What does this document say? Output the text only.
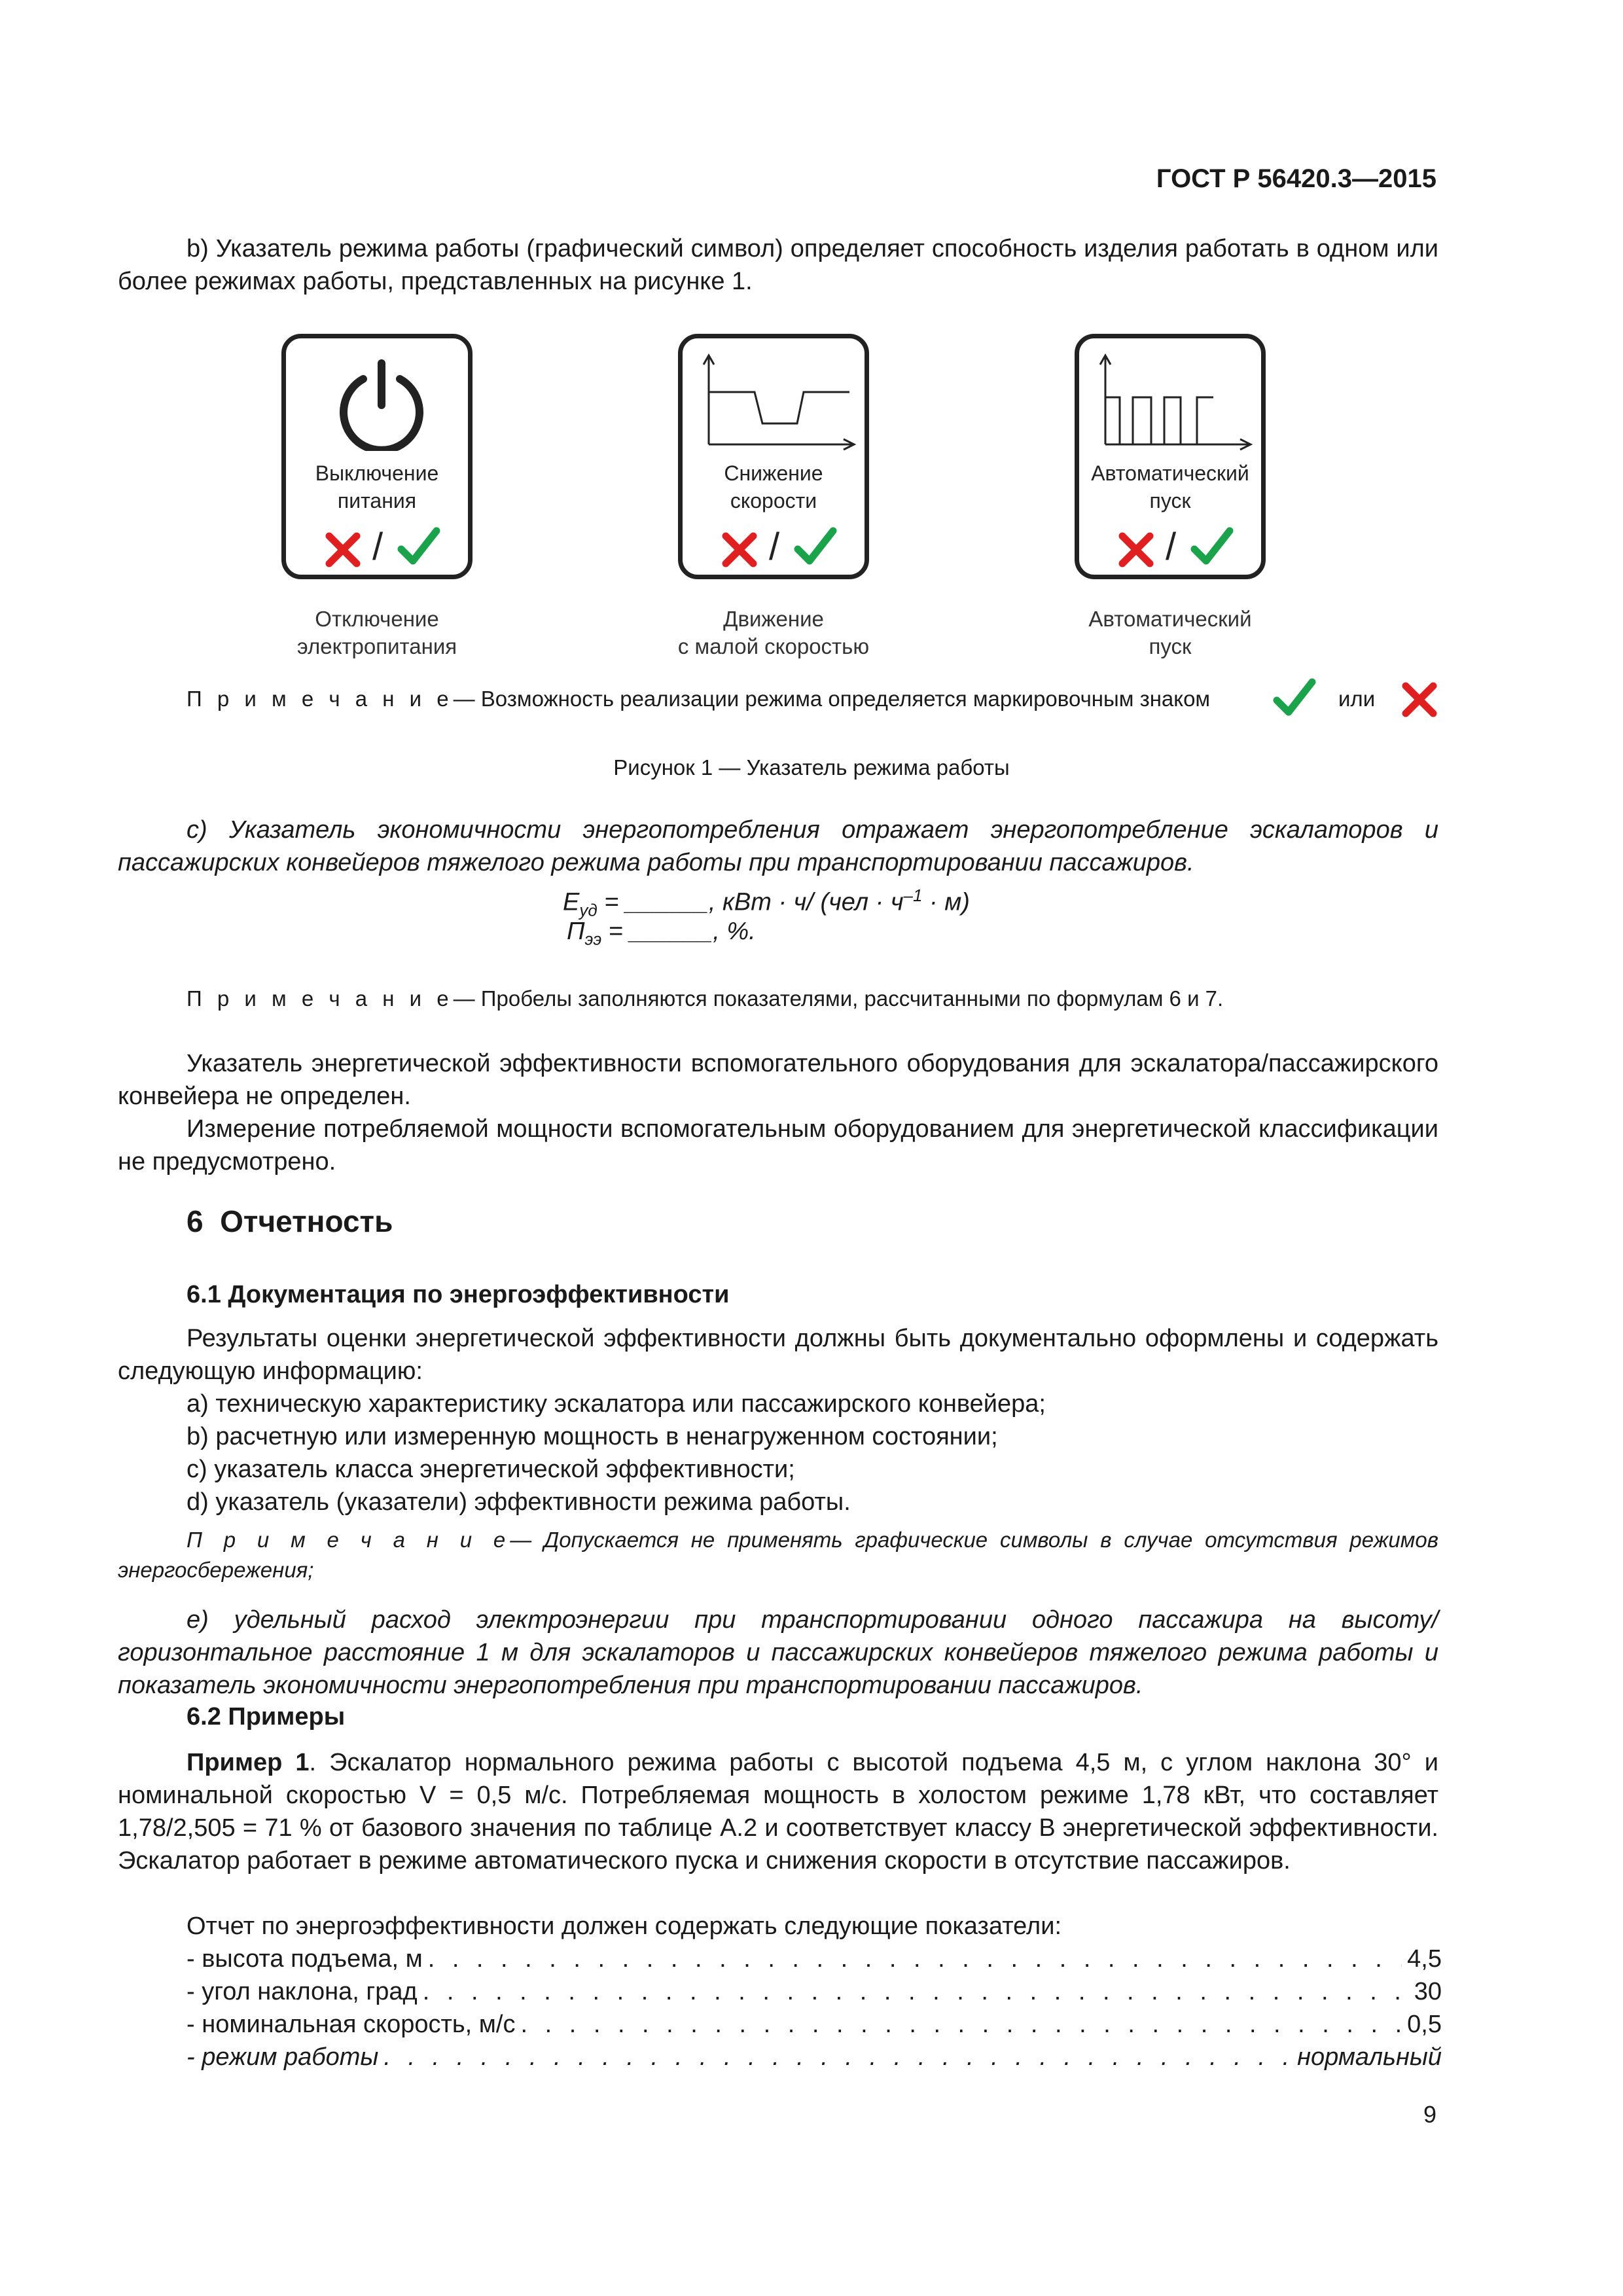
ГОСТ Р 56420.3—2015
b) Указатель режима работы (графический символ) определяет способность изделия работать в одном или более режимах работы, представленных на рисунке 1.
Выключение
питания
/
Снижение
скорости
/
Автоматический
пуск
/
Отключение
электропитания
Движение
с малой скоростью
Автоматический
пуск
П р и м е ч а н и е— Возможность реализации режима определяется маркировочным знаком	или
Рисунок 1 — Указатель режима работы
c) Указатель экономичности энергопотребления отражает энергопотребление эскалаторов и пассажирских конвейеров тяжелого режима работы при транспортировании пассажиров.
$E_{уд}$ = ______, кВт · ч/ $(чел \cdot ч^{-1} \cdot м)$
$П_{ээ}$ = ______, %.
П р и м е ч а н и е— Пробелы заполняются показателями, рассчитанными по формулам 6 и 7.
Указатель энергетической эффективности вспомогательного оборудования для эскалатора/пассажирского конвейера не определен.
Измерение потребляемой мощности вспомогательным оборудованием для энергетической классификации не предусмотрено.
6 Отчетность
6.1 Документация по энергоэффективности
Результаты оценки энергетической эффективности должны быть документально оформлены и содержать следующую информацию:
a) техническую характеристику эскалатора или пассажирского конвейера;
b) расчетную или измеренную мощность в ненагруженном состоянии;
c) указатель класса энергетической эффективности;
d) указатель (указатели) эффективности режима работы.
П р и м е ч а н и е— Допускается не применять графические символы в случае отсутствия режимов энергосбережения;
e) удельный расход электроэнергии при транспортировании одного пассажира на высоту/горизонтальное расстояние 1 м для эскалаторов и пассажирских конвейеров тяжелого режима работы и показатель экономичности энергопотребления при транспортировании пассажиров.
6.2 Примеры
Пример 1. Эскалатор нормального режима работы с высотой подъема 4,5 м, с углом наклона 30° и номинальной скоростью V = 0,5 м/с. Потребляемая мощность в холостом режиме 1,78 кВт, что составляет 1,78/2,505 = 71 % от базового значения по таблице А.2 и соответствует классу В энергетической эффективности. Эскалатор работает в режиме автоматического пуска и снижения скорости в отсутствие пассажиров.
Отчет по энергоэффективности должен содержать следующие показатели:
- высота подъема, м . . .	4,5
- угол наклона, град . . .	30
- номинальная скорость, м/с . . .	0,5
- режим работы . . .	нормальный
9
